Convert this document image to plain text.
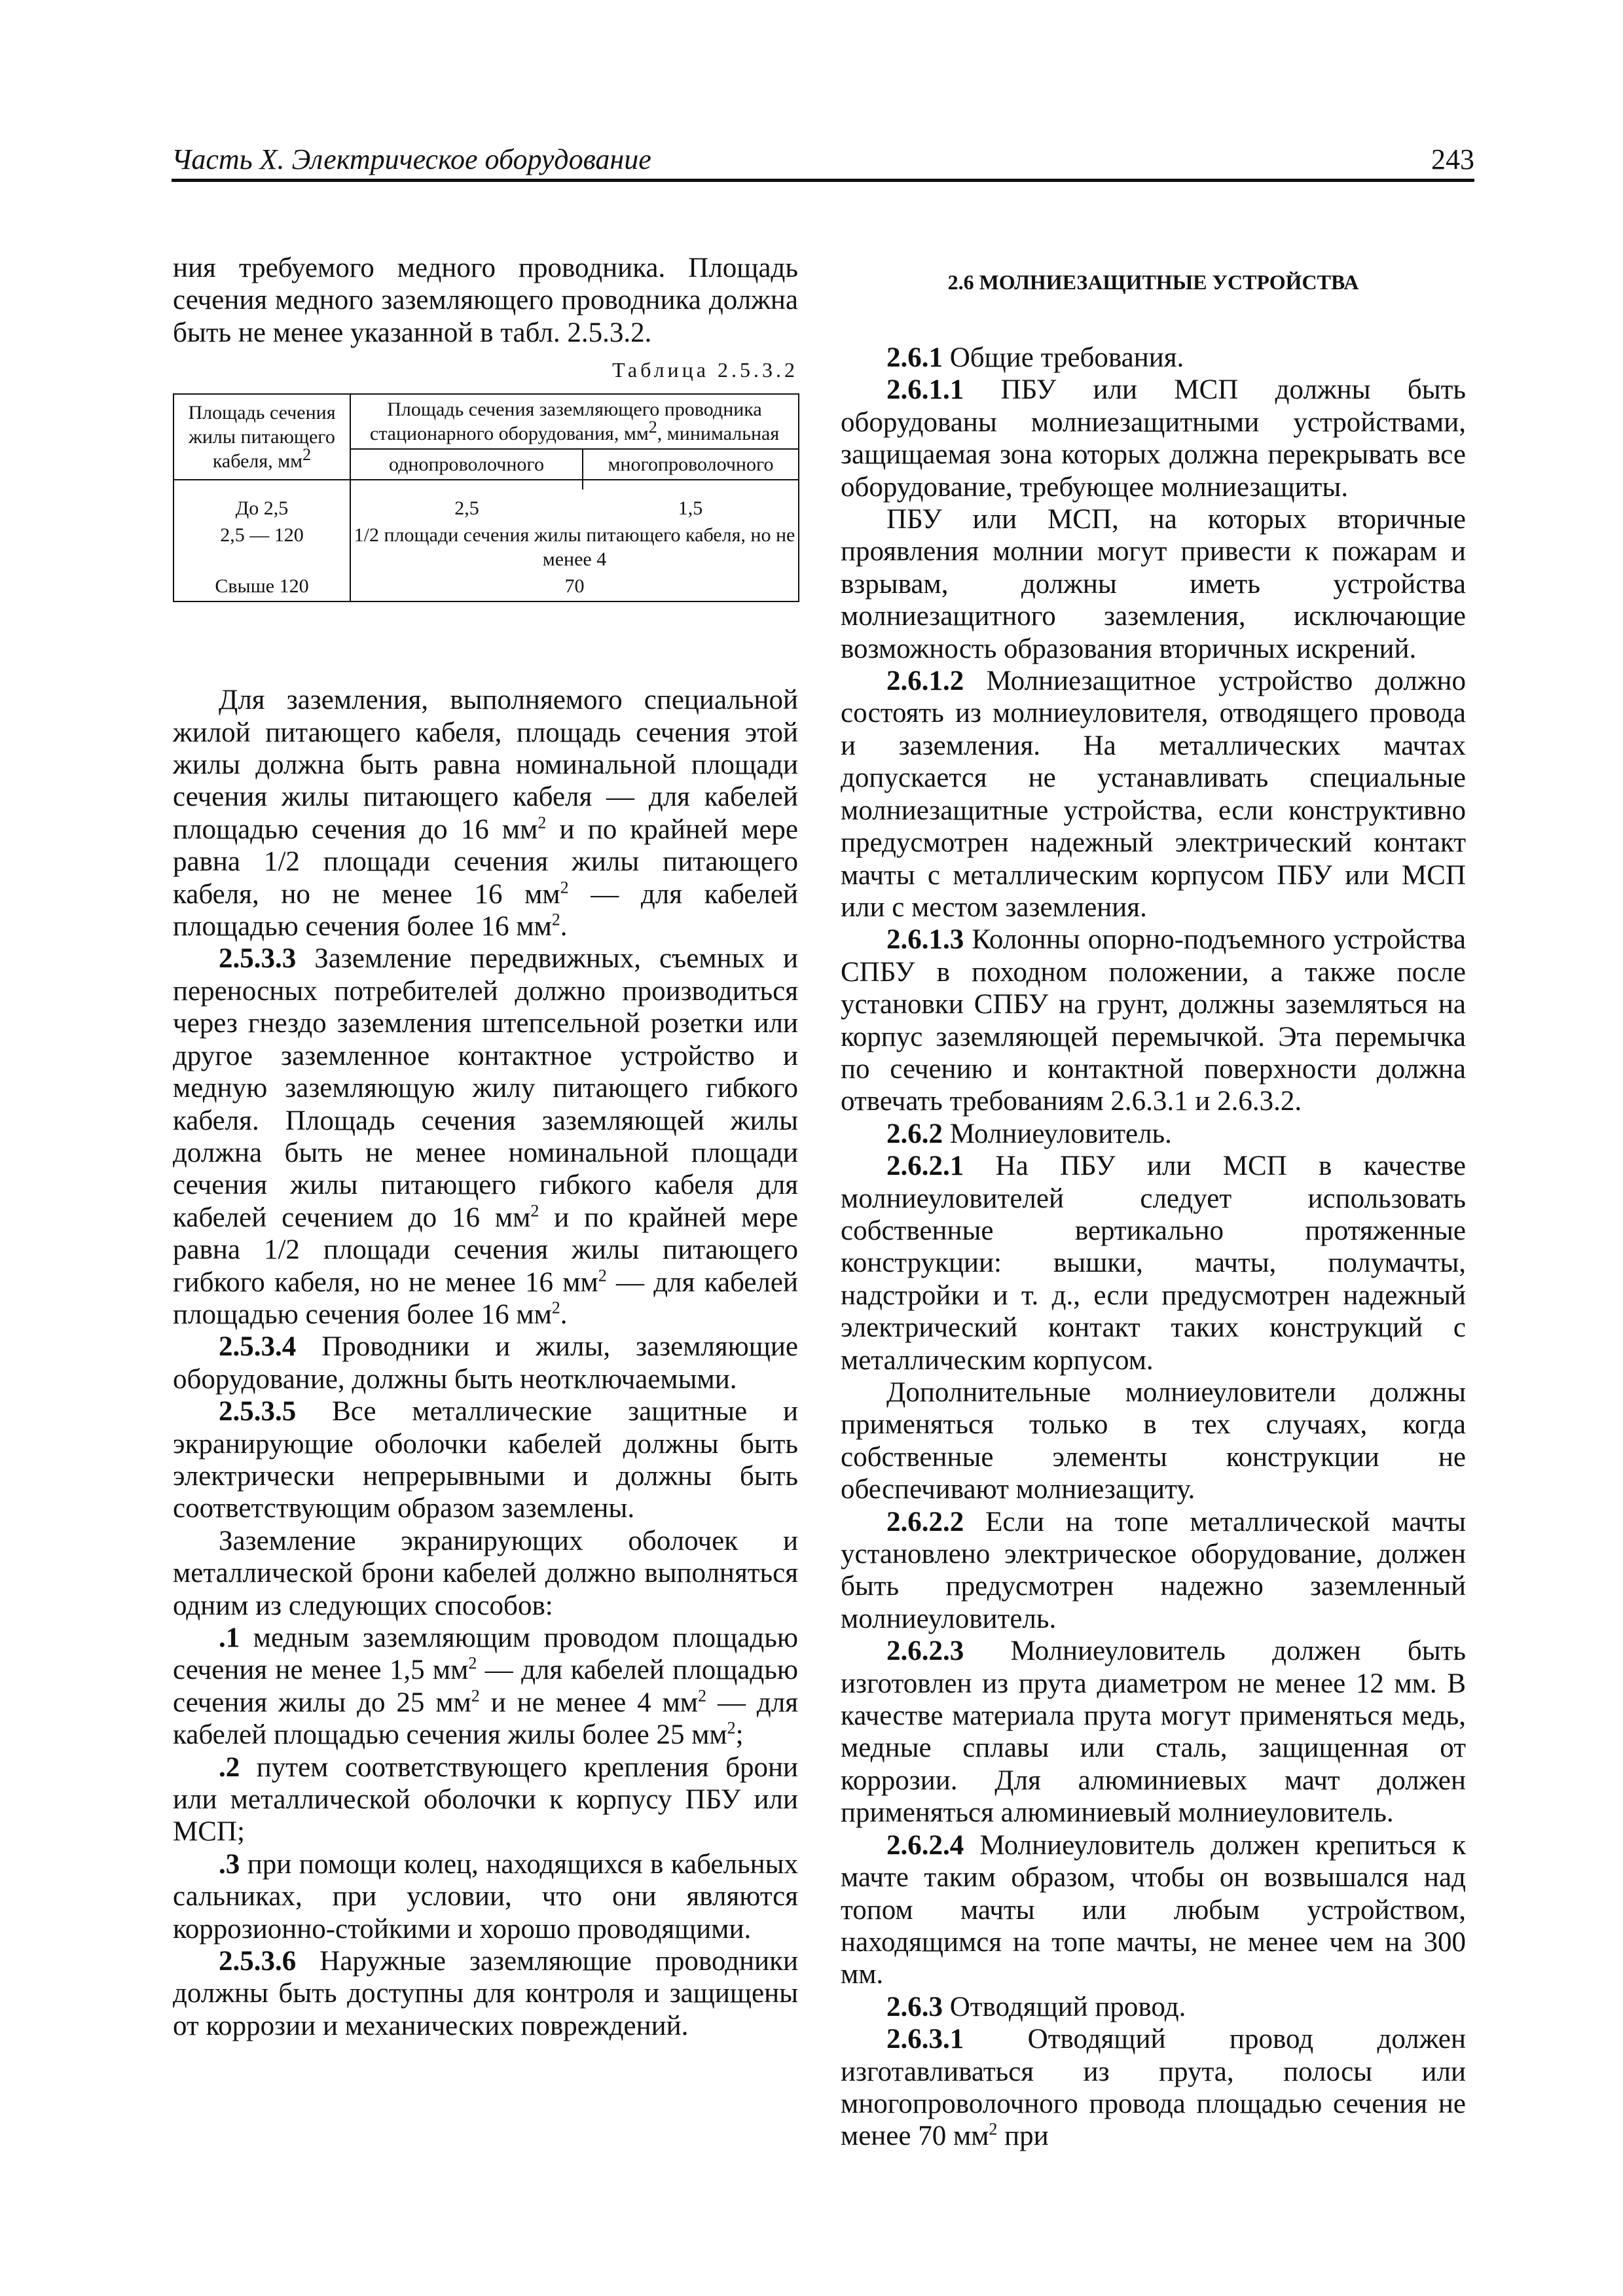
Часть X. Электрическое оборудование	243

ния требуемого медного проводника. Площадь сечения медного заземляющего проводника должна быть не менее указанной в табл. 2.5.3.2.

Таблица 2.5.3.2
Площадь сечения жилы питающего кабеля, $мм^2$	Площадь сечения заземляющего проводника стационарного оборудования, $мм^2$, минимальная	
	однопроволочного	многопроволочного

До 2,5	2,5	1,5
2,5 — 120	1/2 площади сечения жилы питающего кабеля, но не менее 4	
Свыше 120	70	

Для заземления, выполняемого специальной жилой питающего кабеля, площадь сечения этой жилы должна быть равна номинальной площади сечения жилы питающего кабеля — для кабелей площадью сечения до 16 $мм^2$ и по крайней мере равна 1/2 площади сечения жилы питающего кабеля, но не менее 16 $мм^2$ — для кабелей площадью сечения более 16 $мм^2$.

2.5.3.3 Заземление передвижных, съемных и переносных потребителей должно производиться через гнездо заземления штепсельной розетки или другое заземленное контактное устройство и медную заземляющую жилу питающего гибкого кабеля. Площадь сечения заземляющей жилы должна быть не менее номинальной площади сечения жилы питающего гибкого кабеля для кабелей сечением до 16 $мм^2$ и по крайней мере равна 1/2 площади сечения жилы питающего гибкого кабеля, но не менее 16 $мм^2$ — для кабелей площадью сечения более 16 $мм^2$.

2.5.3.4 Проводники и жилы, заземляющие оборудование, должны быть неотключаемыми.

2.5.3.5 Все металлические защитные и экранирующие оболочки кабелей должны быть электрически непрерывными и должны быть соответствующим образом заземлены.

Заземление экранирующих оболочек и металлической брони кабелей должно выполняться одним из следующих способов:

.1 медным заземляющим проводом площадью сечения не менее 1,5 $мм^2$ — для кабелей площадью сечения жилы до 25 $мм^2$ и не менее 4 $мм^2$ — для кабелей площадью сечения жилы более 25 $мм^2$;

.2 путем соответствующего крепления брони или металлической оболочки к корпусу ПБУ или МСП;

.3 при помощи колец, находящихся в кабельных сальниках, при условии, что они являются коррозионно-стойкими и хорошо проводящими.

2.5.3.6 Наружные заземляющие проводники должны быть доступны для контроля и защищены от коррозии и механических повреждений.

2.6 МОЛНИЕЗАЩИТНЫЕ УСТРОЙСТВА

2.6.1 Общие требования.

2.6.1.1 ПБУ или МСП должны быть оборудованы молниезащитными устройствами, защищаемая зона которых должна перекрывать все оборудование, требующее молниезащиты.

ПБУ или МСП, на которых вторичные проявления молнии могут привести к пожарам и взрывам, должны иметь устройства молниезащитного заземления, исключающие возможность образования вторичных искрений.

2.6.1.2 Молниезащитное устройство должно состоять из молниеуловителя, отводящего провода и заземления. На металлических мачтах допускается не устанавливать специальные молниезащитные устройства, если конструктивно предусмотрен надежный электрический контакт мачты с металлическим корпусом ПБУ или МСП или с местом заземления.

2.6.1.3 Колонны опорно-подъемного устройства СПБУ в походном положении, а также после установки СПБУ на грунт, должны заземляться на корпус заземляющей перемычкой. Эта перемычка по сечению и контактной поверхности должна отвечать требованиям 2.6.3.1 и 2.6.3.2.

2.6.2 Молниеуловитель.

2.6.2.1 На ПБУ или МСП в качестве молниеуловителей следует использовать собственные вертикально протяженные конструкции: вышки, мачты, полумачты, надстройки и т. д., если предусмотрен надежный электрический контакт таких конструкций с металлическим корпусом.

Дополнительные молниеуловители должны применяться только в тех случаях, когда собственные элементы конструкции не обеспечивают молниезащиту.

2.6.2.2 Если на топе металлической мачты установлено электрическое оборудование, должен быть предусмотрен надежно заземленный молниеуловитель.

2.6.2.3 Молниеуловитель должен быть изготовлен из прута диаметром не менее 12 мм. В качестве материала прута могут применяться медь, медные сплавы или сталь, защищенная от коррозии. Для алюминиевых мачт должен применяться алюминиевый молниеуловитель.

2.6.2.4 Молниеуловитель должен крепиться к мачте таким образом, чтобы он возвышался над топом мачты или любым устройством, находящимся на топе мачты, не менее чем на 300 мм.

2.6.3 Отводящий провод.

2.6.3.1 Отводящий провод должен изготавливаться из прута, полосы или многопроволочного провода площадью сечения не менее 70 $мм^2$ при
